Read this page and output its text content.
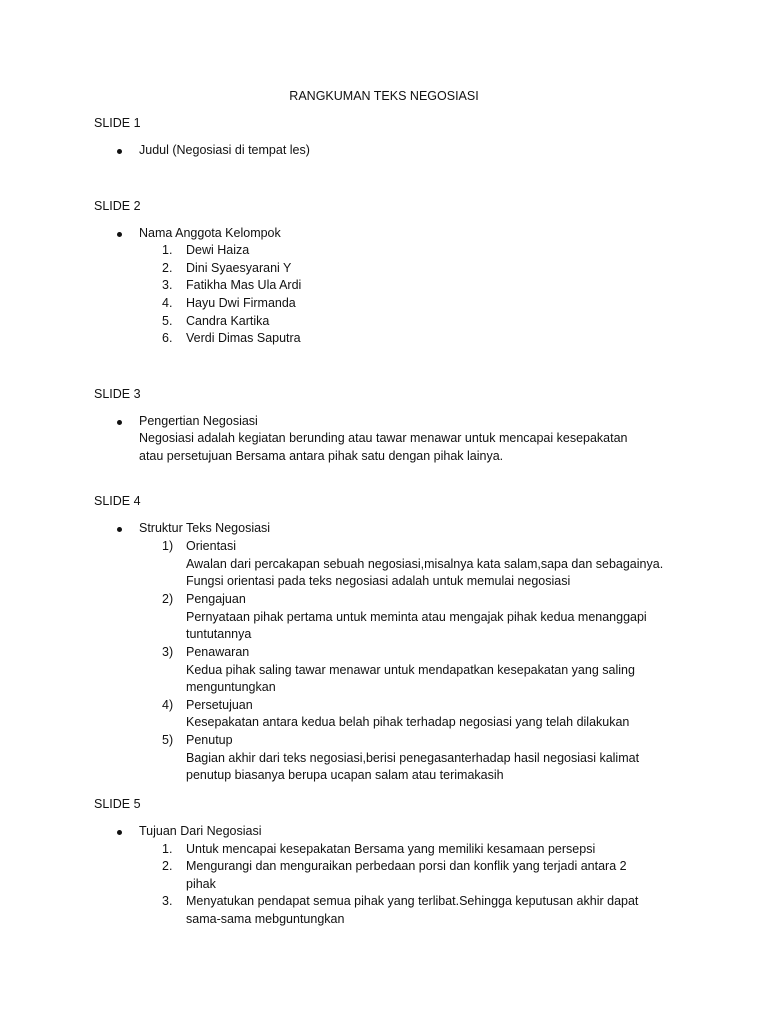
RANGKUMAN TEKS NEGOSIASI
SLIDE 1
Judul (Negosiasi di tempat les)
SLIDE 2
Nama Anggota Kelompok
1. Dewi Haiza
2. Dini Syaesyarani Y
3. Fatikha Mas Ula Ardi
4. Hayu Dwi Firmanda
5. Candra Kartika
6. Verdi Dimas Saputra
SLIDE 3
Pengertian Negosiasi
Negosiasi adalah kegiatan berunding atau tawar menawar untuk mencapai kesepakatan
atau persetujuan Bersama antara pihak satu dengan pihak lainya.
SLIDE 4
Struktur Teks Negosiasi
1) Orientasi
Awalan dari percakapan sebuah negosiasi,misalnya kata salam,sapa dan sebagainya.
Fungsi orientasi pada teks negosiasi adalah untuk memulai negosiasi
2) Pengajuan
Pernyataan pihak pertama untuk meminta atau mengajak pihak kedua menanggapi
tuntutannya
3) Penawaran
Kedua pihak saling tawar menawar untuk mendapatkan kesepakatan yang saling
menguntungkan
4) Persetujuan
Kesepakatan antara kedua belah pihak terhadap negosiasi yang telah dilakukan
5) Penutup
Bagian akhir dari teks negosiasi,berisi penegasanterhadap hasil negosiasi kalimat
penutup biasanya berupa ucapan salam atau terimakasih
SLIDE 5
Tujuan Dari Negosiasi
1. Untuk mencapai kesepakatan Bersama yang memiliki kesamaan persepsi
2. Mengurangi dan menguraikan perbedaan porsi dan konflik yang terjadi antara 2
pihak
3. Menyatukan pendapat semua pihak yang terlibat.Sehingga keputusan akhir dapat
sama-sama mebguntungkan
